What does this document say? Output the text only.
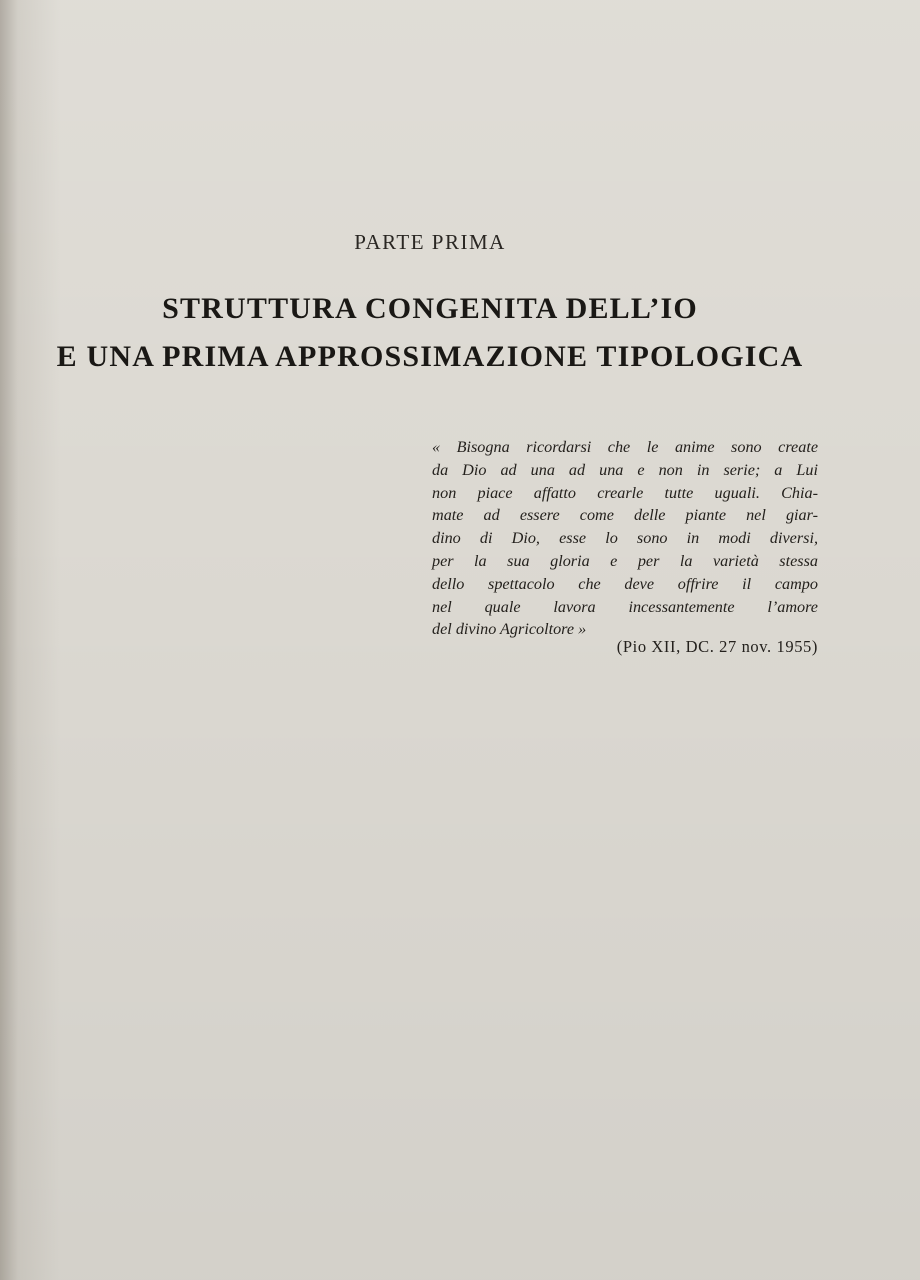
PARTE PRIMA
STRUTTURA CONGENITA DELL’IO
E UNA PRIMA APPROSSIMAZIONE TIPOLOGICA
« Bisogna ricordarsi che le anime sono create
da Dio ad una ad una e non in serie; a Lui
non piace affatto crearle tutte uguali. Chia-
mate ad essere come delle piante nel giar-
dino di Dio, esse lo sono in modi diversi,
per la sua gloria e per la varietà stessa
dello spettacolo che deve offrire il campo
nel quale lavora incessantemente l’amore
del divino Agricoltore »
(Pio XII, DC. 27 nov. 1955)
